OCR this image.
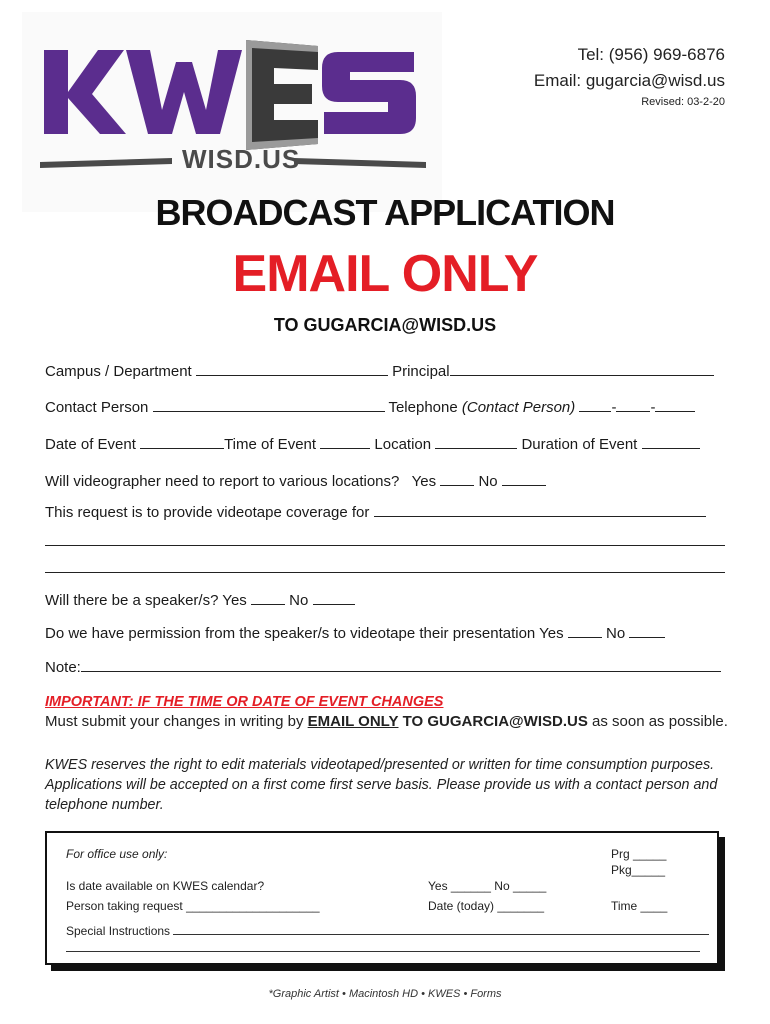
WISD.US
Tel: (956) 969-6876
Email: gugarcia@wisd.us
Revised: 03-2-20
BROADCAST APPLICATION
EMAIL ONLY
TO GUGARCIA@WISD.US
Campus / Department	Principal
Contact Person	Telephone (Contact Person) - -
Date of Event	Time of Event	Location	Duration of Event
Will videographer need to report to various locations? Yes	No
This request is to provide videotape coverage for
Will there be a speaker/s? Yes	No
Do we have permission from the speaker/s to videotape their presentation Yes	No
Note:
IMPORTANT: IF THE TIME OR DATE OF EVENT CHANGES
Must submit your changes in writing by EMAIL ONLY TO GUGARCIA@WISD.US as soon as possible.
KWES reserves the right to edit materials videotaped/presented or written for time consumption purposes. Applications will be accepted on a first come first serve basis. Please provide us with a contact person and telephone number.
For office use only:	Prg _____
Pkg_____
Is date available on KWES calendar?	Yes ______ No _____
Person taking request ____________________	Date (today) _______	Time ____
Special Instructions
*Graphic Artist • Macintosh HD • KWES • Forms
